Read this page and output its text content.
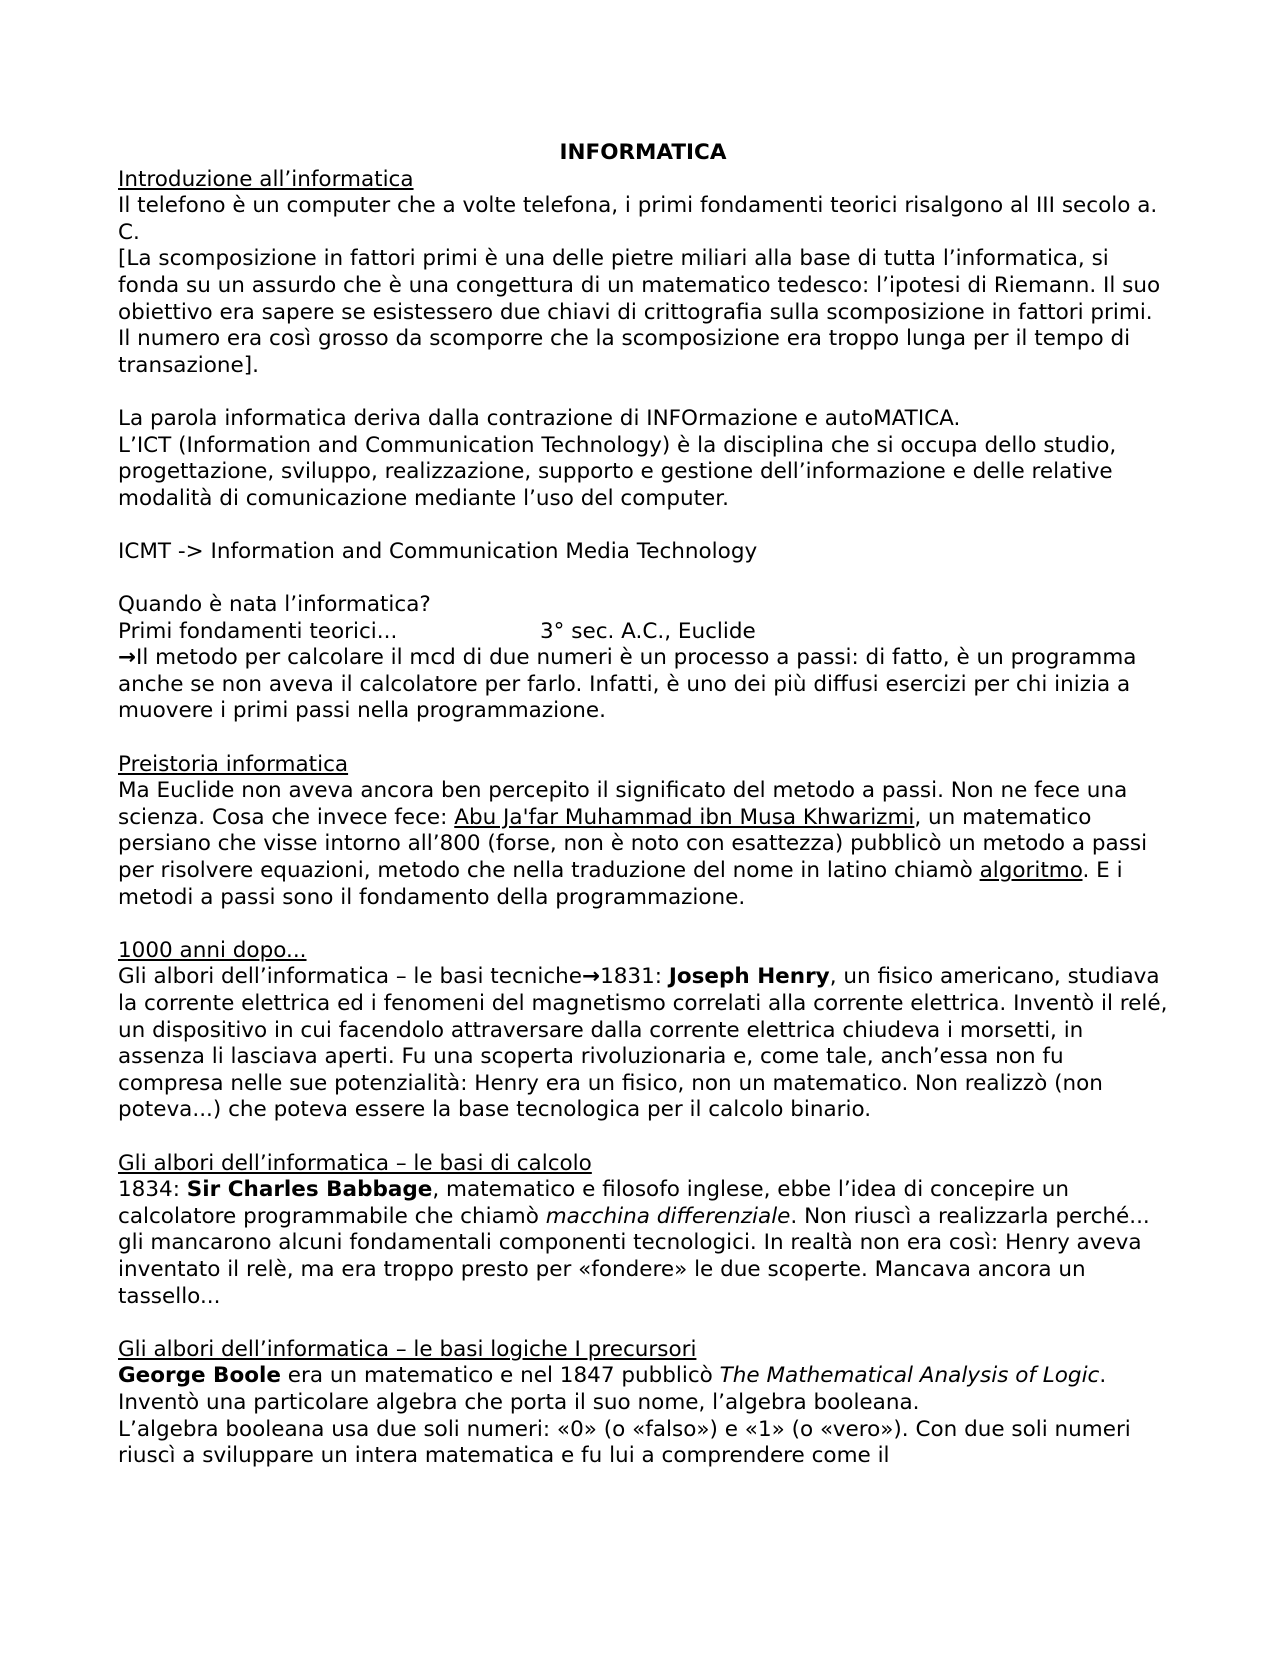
INFORMATICA

Introduzione all’informatica

Il telefono è un computer che a volte telefona, i primi fondamenti teorici risalgono al III secolo a. C.

[La scomposizione in fattori primi è una delle pietre miliari alla base di tutta l’informatica, si fonda su un assurdo che è una congettura di un matematico tedesco: l’ipotesi di Riemann. Il suo obiettivo era sapere se esistessero due chiavi di crittografia sulla scomposizione in fattori primi. Il numero era così grosso da scomporre che la scomposizione era troppo lunga per il tempo di transazione].

La parola informatica deriva dalla contrazione di INFOrmazione e autoMATICA.

L’ICT (Information and Communication Technology) è la disciplina che si occupa dello studio, progettazione, sviluppo, realizzazione, supporto e gestione dell’informazione e delle relative modalità di comunicazione mediante l’uso del computer.

ICMT -> Information and Communication Media Technology

Quando è nata l’informatica?

Primi fondamenti teorici...	3° sec. A.C., Euclide

→Il metodo per calcolare il mcd di due numeri è un processo a passi: di fatto, è un programma anche se non aveva il calcolatore per farlo. Infatti, è uno dei più diffusi esercizi per chi inizia a muovere i primi passi nella programmazione.

Preistoria informatica

Ma Euclide non aveva ancora ben percepito il significato del metodo a passi. Non ne fece una scienza. Cosa che invece fece: Abu Ja'far Muhammad ibn Musa Khwarizmi, un matematico persiano che visse intorno all’800 (forse, non è noto con esattezza) pubblicò un metodo a passi per risolvere equazioni, metodo che nella traduzione del nome in latino chiamò algoritmo. E i metodi a passi sono il fondamento della programmazione.

1000 anni dopo...

Gli albori dell’informatica – le basi tecniche→1831: Joseph Henry, un fisico americano, studiava la corrente elettrica ed i fenomeni del magnetismo correlati alla corrente elettrica. Inventò il relé, un dispositivo in cui facendolo attraversare dalla corrente elettrica chiudeva i morsetti, in assenza li lasciava aperti. Fu una scoperta rivoluzionaria e, come tale, anch’essa non fu compresa nelle sue potenzialità: Henry era un fisico, non un matematico. Non realizzò (non poteva...) che poteva essere la base tecnologica per il calcolo binario.

Gli albori dell’informatica – le basi di calcolo

1834: Sir Charles Babbage, matematico e filosofo inglese, ebbe l’idea di concepire un calcolatore programmabile che chiamò macchina differenziale. Non riuscì a realizzarla perché... gli mancarono alcuni fondamentali componenti tecnologici. In realtà non era così: Henry aveva inventato il relè, ma era troppo presto per «fondere» le due scoperte. Mancava ancora un tassello...

Gli albori dell’informatica – le basi logiche I precursori

George Boole era un matematico e nel 1847 pubblicò The Mathematical Analysis of Logic. Inventò una particolare algebra che porta il suo nome, l’algebra booleana.

L’algebra booleana usa due soli numeri: «0» (o «falso») e «1» (o «vero»). Con due soli numeri riuscì a sviluppare un intera matematica e fu lui a comprendere come il
